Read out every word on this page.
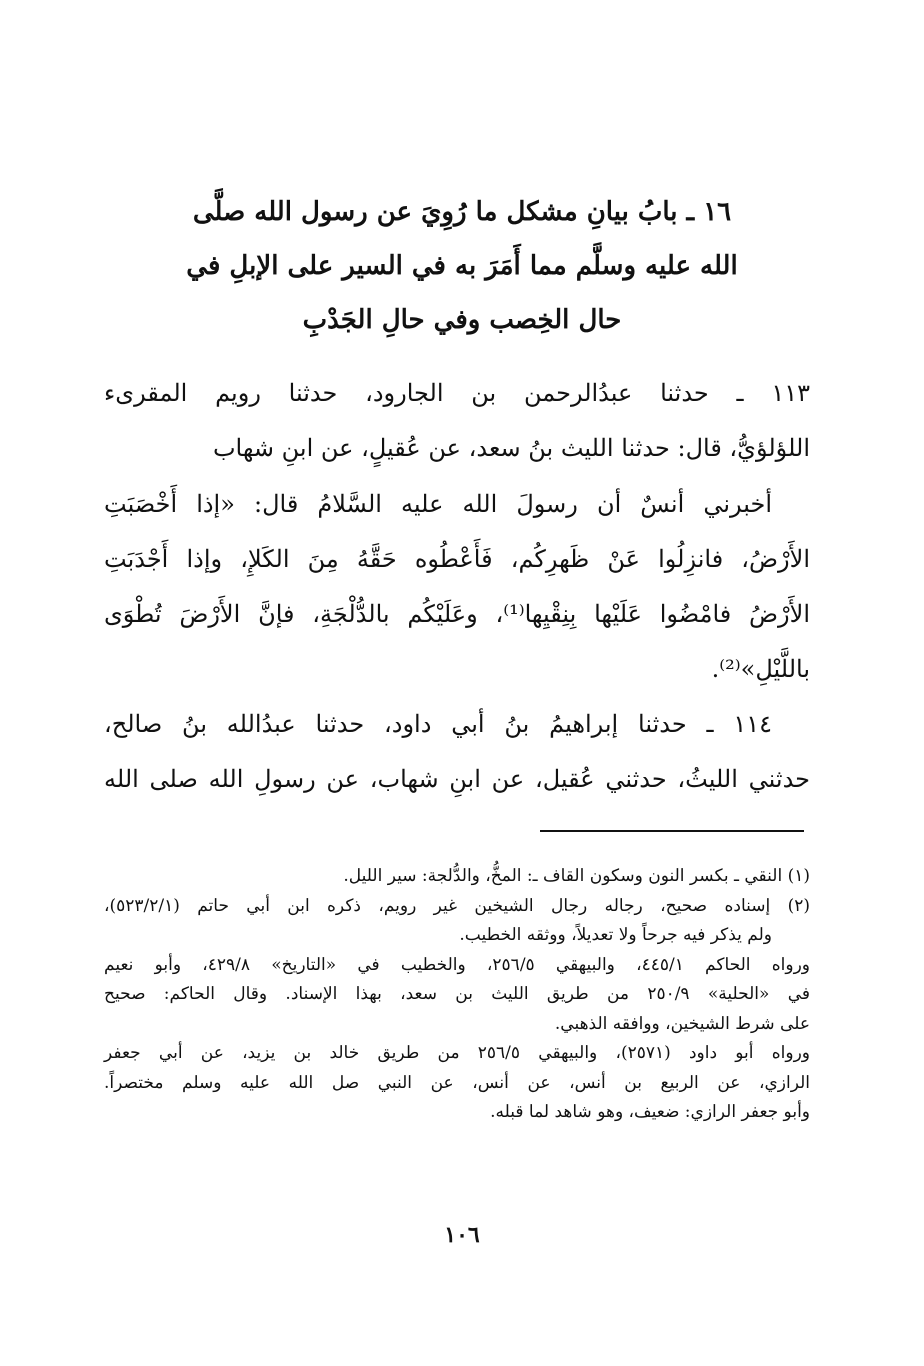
١٦ ـ بابُ بيانِ مشكل ما رُوِيَ عن رسول الله صلَّى
الله عليه وسلَّم مما أَمَرَ به في السير على الإبلِ في
حال الخِصب وفي حالِ الجَدْبِ
١١٣ ـ حدثنا عبدُالرحمن بن الجارود، حدثنا رويم المقرىء
اللؤلؤيُّ، قال: حدثنا الليث بنُ سعد، عن عُقيلٍ، عن ابنِ شهاب
أخبرني أنسٌ أن رسولَ الله عليه السَّلامُ قال: «إذا أَخْصَبَتِ
الأَرْضُ، فانزِلُوا عَنْ ظَهرِكُم، فَأَعْطُوه حَقَّهُ مِنَ الكَلإِ، وإذا أَجْدَبَتِ
الأَرْضُ فامْضُوا عَلَيْها بِنِقْيِها⁽¹⁾، وعَلَيْكُم بالدُّلْجَةِ، فإنَّ الأَرْضَ تُطْوَى
باللَّيْلِ»⁽²⁾.
١١٤ ـ حدثنا إبراهيمُ بنُ أبي داود، حدثنا عبدُالله بنُ صالح،
حدثني الليثُ، حدثني عُقيل، عن ابنِ شهاب، عن رسولِ الله صلى الله
(١) النقي ـ بكسر النون وسكون القاف ـ: المخُّ، والدُّلجة: سير الليل.
(٢) إسناده صحيح، رجاله رجال الشيخين غير رويم، ذكره ابن أبي حاتم (٥٢٣/٢/١)،
ولم يذكر فيه جرحاً ولا تعديلاً، ووثقه الخطيب.
ورواه الحاكم ٤٤٥/١، والبيهقي ٢٥٦/٥، والخطيب في «التاريخ» ٤٢٩/٨، وأبو نعيم
في «الحلية» ٢٥٠/٩ من طريق الليث بن سعد، بهذا الإسناد. وقال الحاكم: صحيح
على شرط الشيخين، ووافقه الذهبي.
ورواه أبو داود (٢٥٧١)، والبيهقي ٢٥٦/٥ من طريق خالد بن يزيد، عن أبي جعفر
الرازي، عن الربيع بن أنس، عن أنس، عن النبي صل الله عليه وسلم مختصراً.
وأبو جعفر الرازي: ضعيف، وهو شاهد لما قبله.
١٠٦
